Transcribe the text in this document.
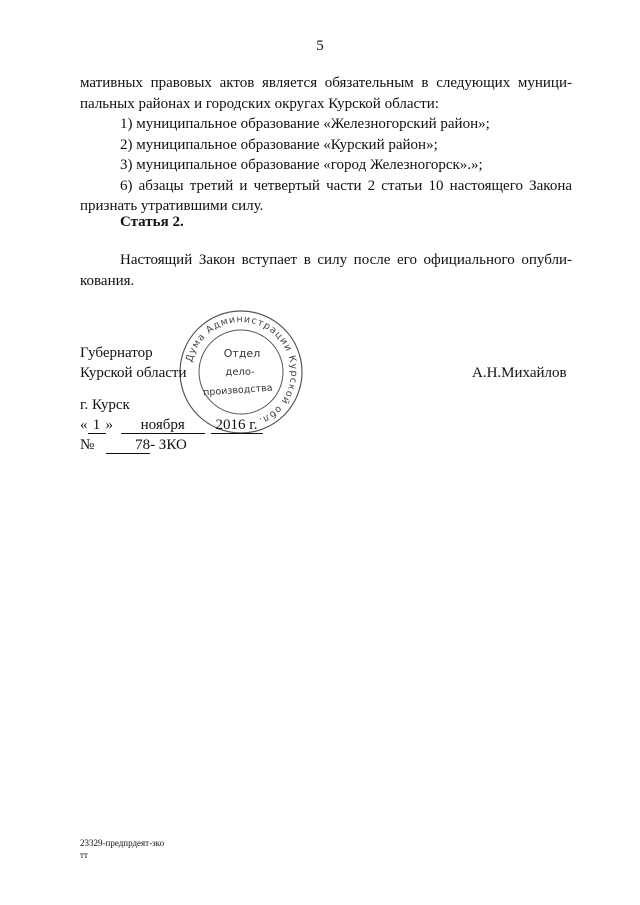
5
мативных правовых актов является обязательным в следующих муници-
пальных районах и городских округах Курской области:
1) муниципальное образование «Железногорский район»;
2) муниципальное образование «Курский район»;
3) муниципальное образование «город Железногорск».»;
6) абзацы третий и четвертый части 2 статьи 10 настоящего Закона
признать утратившими силу.
Статья 2.
Настоящий Закон вступает в силу после его официального опубли-
кования.
Дума Администрации Курской обл.
Отдел
дело-
производства
Губернатор
Курской области	А.Н.Михайлов
г. Курск
« 1 » ноября 2016 г.
№	78- ЗКО
23329-предпрдеят-зко
тт
